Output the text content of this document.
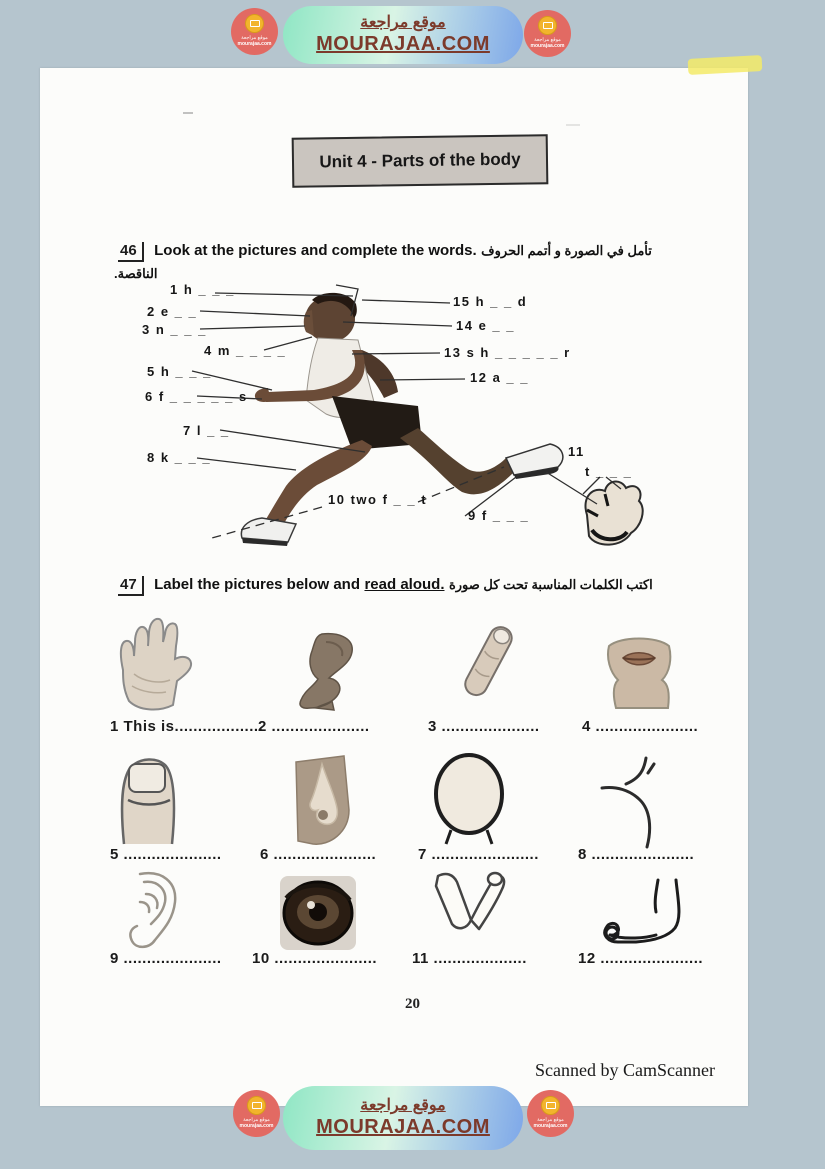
موقع مراجعة
MOURAJAA.COM
موقع مراجعة
mourajaa.com
موقع مراجعة
mourajaa.com
Unit 4 - Parts of the body
46 Look at the pictures and complete the words. تأمل في الصورة و أتمم الحروف
الناقصة.
1 h _ _ _
2 e _ _
3 n _ _ _
4 m _ _ _ _
5 h _ _ _
6 f _ _ _ _ _ s
7 l _ _
8 k _ _ _
9 f _ _ _
10 two f _ _ t
11
t _ _ _
12 a _ _
13 s h _ _ _ _ _ r
14 e _ _
15 h _ _ d
47 Label the pictures below and read aloud. اكتب الكلمات المناسبة تحت كل صورة
1 This is...................
2 .....................	3 .....................	4 ......................
5 .....................	6 ......................	7 .......................	8 ......................
9 ..................... 10 ...................... 11 ....................	12 ......................
20
Scanned by CamScanner
موقع مراجعة
MOURAJAA.COM
موقع مراجعة
mourajaa.com
موقع مراجعة
mourajaa.com
